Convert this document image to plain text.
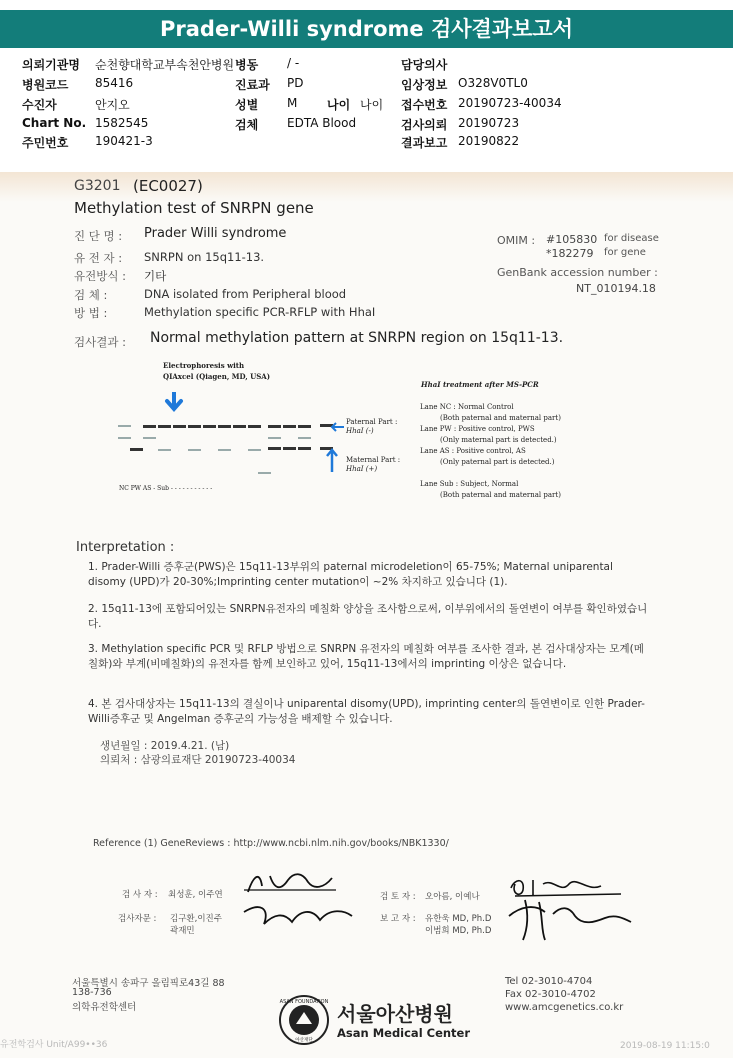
Prader-Willi syndrome 검사결과보고서
의뢰기관명 순천향대학교부속천안병원 병동 / -	담당의사
병원코드 85416	진료과 PD	임상정보 O328V0TL0
수진자	안지오	성별 M 나이 나이 접수번호 20190723-40034
Chart No. 1582545	검체 EDTA Blood	검사의뢰 20190723
주민번호 190421-3	결과보고 20190822
G3201 (EC0027)
Methylation test of SNRPN gene
진 단 명 : Prader Willi syndrome
유 전 자 : SNRPN on 15q11-13.
유전방식 : 기타
검 체 :	DNA isolated from Peripheral blood
방 법 :	Methylation specific PCR-RFLP with HhaI
OMIM : #105830 for disease
*182279 for gene
GenBank accession number :
NT_010194.18
검사결과 : Normal methylation pattern at SNRPN region on 15q11-13.
Electrophoresis with
QIAxcel (Qiagen, MD, USA)
NC PW AS - Sub - - - - - - - - - - -
Paternal Part :
HhaI (-)
Maternal Part :
HhaI (+)
HhaI treatment after MS-PCR
Lane NC : Normal Control
(Both paternal and maternal part)
Lane PW : Positive control, PWS
(Only maternal part is detected.)
Lane AS : Positive control, AS
(Only paternal part is detected.)
Lane Sub : Subject, Normal
(Both paternal and maternal part)
Interpretation :
1. Prader-Willi 증후군(PWS)은 15q11-13부위의 paternal microdeletion이 65-75%; Maternal uniparental disomy (UPD)가 20-30%;Imprinting center mutation이 ~2% 차지하고 있습니다 (1).
2. 15q11-13에 포함되어있는 SNRPN유전자의 메칠화 양상을 조사함으로써, 이부위에서의 돌연변이 여부를 확인하였습니다.
3. Methylation specific PCR 및 RFLP 방법으로 SNRPN 유전자의 메칠화 여부를 조사한 결과, 본 검사대상자는 모계(메칠화)와 부계(비메칠화)의 유전자를 함께 보인하고 있어, 15q11-13에서의 imprinting 이상은 없습니다.
4. 본 검사대상자는 15q11-13의 결실이나 uniparental disomy(UPD), imprinting center의 돌연변이로 인한 Prader-Willi증후군 및 Angelman 증후군의 가능성을 배제할 수 있습니다.
생년월일 : 2019.4.21. (남)
의뢰처 : 삼광의료재단 20190723-40034
Reference (1) GeneReviews : http://www.ncbi.nlm.nih.gov/books/NBK1330/
검 사 자 : 최성훈, 이주연
검사자문 : 김구환,이진주
곽재민
검 토 자 : 오아름, 이예나
보 고 자 : 유한욱 MD, Ph.D
이범희 MD, Ph.D
서울특별시 송파구 올림픽로43길 88
138-736
의학유전학센터	ASAN FOUNDATION
아산재단
서울아산병원
Asan Medical Center
Tel 02-3010-4704
Fax 02-3010-4702
www.amcgenetics.co.kr
유전학검사 Unit/A99••36	2019-08-19 11:15:0
